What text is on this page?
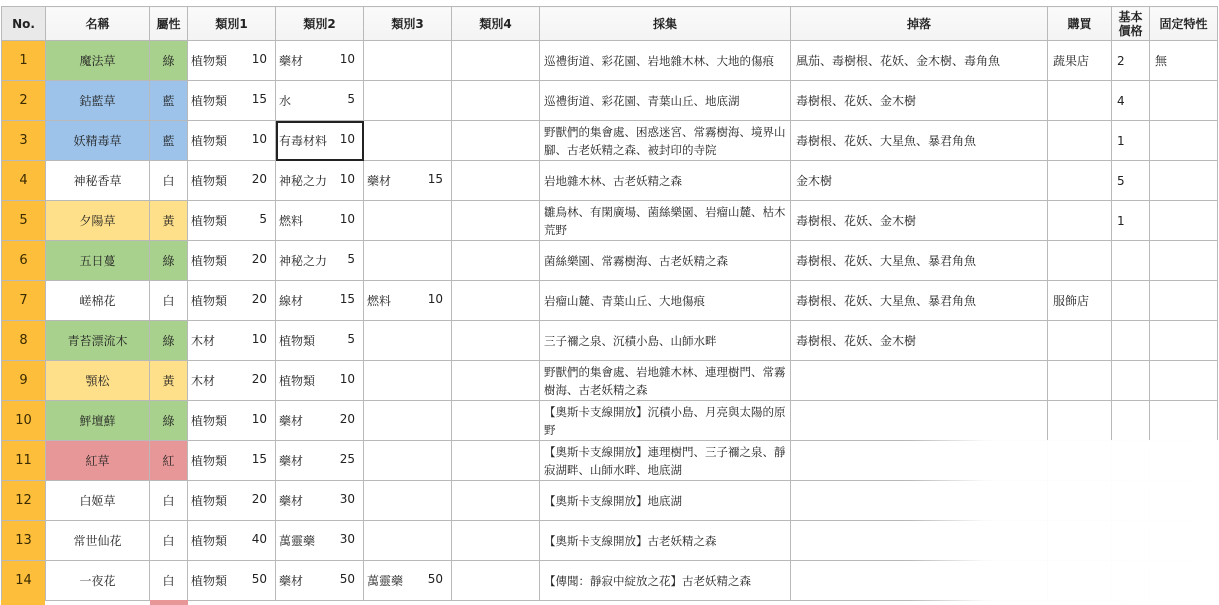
No.	名稱	屬性	類別1	類別2	類別3	類別4	採集	掉落	購買	基本價格	固定特性
1	魔法草	綠	植物類 10	藥材 10			巡禮街道、彩花園、岩地雜木林、大地的傷痕	風茄、毒樹根、花妖、金木樹、毒角魚	蔬果店	2	無
2	鈷藍草	藍	植物類 15	水 5			巡禮街道、彩花園、青葉山丘、地底湖	毒樹根、花妖、金木樹		4	
3	妖精毒草	藍	植物類 10	有毒材料 10			野獸們的集會處、困惑迷宮、常霧樹海、境界山腳、古老妖精之森、被封印的寺院	毒樹根、花妖、大星魚、暴君角魚		1	
4	神秘香草	白	植物類 20	神秘之力 10	藥材 15		岩地雜木林、古老妖精之森	金木樹		5	
5	夕陽草	黃	植物類 5	燃料 10			雛鳥林、有閑廣場、菌絲樂園、岩瘤山麓、枯木荒野	毒樹根、花妖、金木樹		1	
6	五日蔓	綠	植物類 20	神秘之力 5			菌絲樂園、常霧樹海、古老妖精之森	毒樹根、花妖、大星魚、暴君角魚			
7	嵯棉花	白	植物類 20	線材 15	燃料 10		岩瘤山麓、青葉山丘、大地傷痕	毒樹根、花妖、大星魚、暴君角魚	服飾店		
8	青苔漂流木	綠	木材 10	植物類 5			三子禰之泉、沉積小島、山師水畔	毒樹根、花妖、金木樹			
9	顎松	黃	木材 20	植物類 10			野獸們的集會處、岩地雜木林、連理樹門、常霧樹海、古老妖精之森				
10	鮃壇蘚	綠	植物類 10	藥材 20			【奧斯卡支線開放】沉積小島、月亮與太陽的原野				
11	紅草	紅	植物類 15	藥材 25			【奧斯卡支線開放】連理樹門、三子禰之泉、靜寂湖畔、山師水畔、地底湖				
12	白姬草	白	植物類 20	藥材 30			【奧斯卡支線開放】地底湖				
13	常世仙花	白	植物類 40	萬靈藥 30			【奧斯卡支線開放】古老妖精之森				
14	一夜花	白	植物類 50	藥材 50	萬靈藥 50		【傳聞：靜寂中綻放之花】古老妖精之森				
